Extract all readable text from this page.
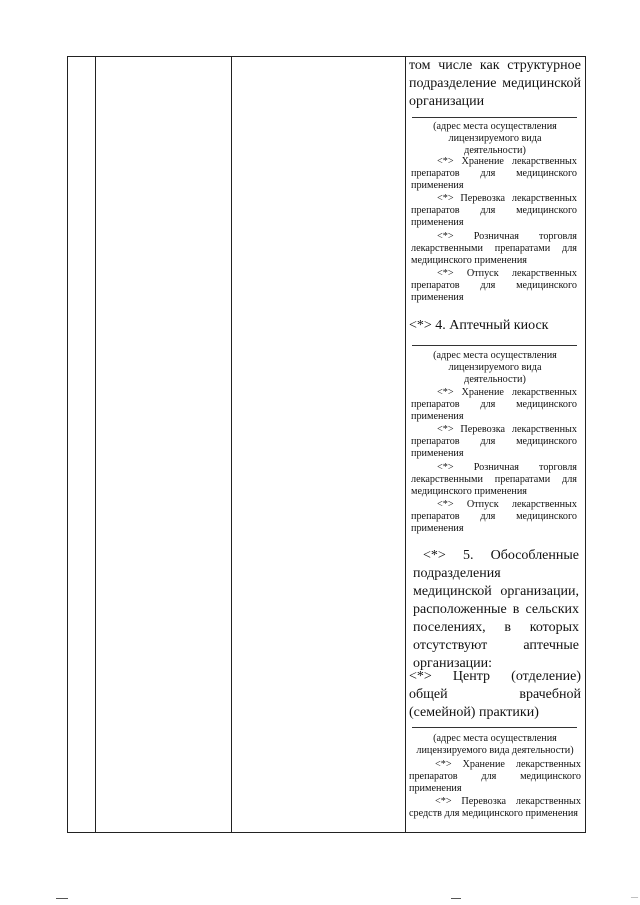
том числе как структурное подразделение медицинской организации
(адрес места осуществления лицензируемого вида деятельности)
<*> Хранение лекарственных препаратов для медицинского применения
<*> Перевозка лекарственных препаратов для медицинского применения
<*> Розничная торговля лекарственными препаратами для медицинского применения
<*> Отпуск лекарственных препаратов для медицинского применения
<*> 4. Аптечный киоск
(адрес места осуществления лицензируемого вида деятельности)
<*> Хранение лекарственных препаратов для медицинского применения
<*> Перевозка лекарственных препаратов для медицинского применения
<*> Розничная торговля лекарственными препаратами для медицинского применения
<*> Отпуск лекарственных препаратов для медицинского применения
<*> 5. Обособленные подразделения медицинской организации, расположенные в сельских поселениях, в которых отсутствуют аптечные организации:
<*> Центр (отделение) общей врачебной (семейной) практики)
(адрес места осуществления лицензируемого вида деятельности)
<*> Хранение лекарственных препаратов для медицинского применения
<*> Перевозка лекарственных средств для медицинского применения
—
